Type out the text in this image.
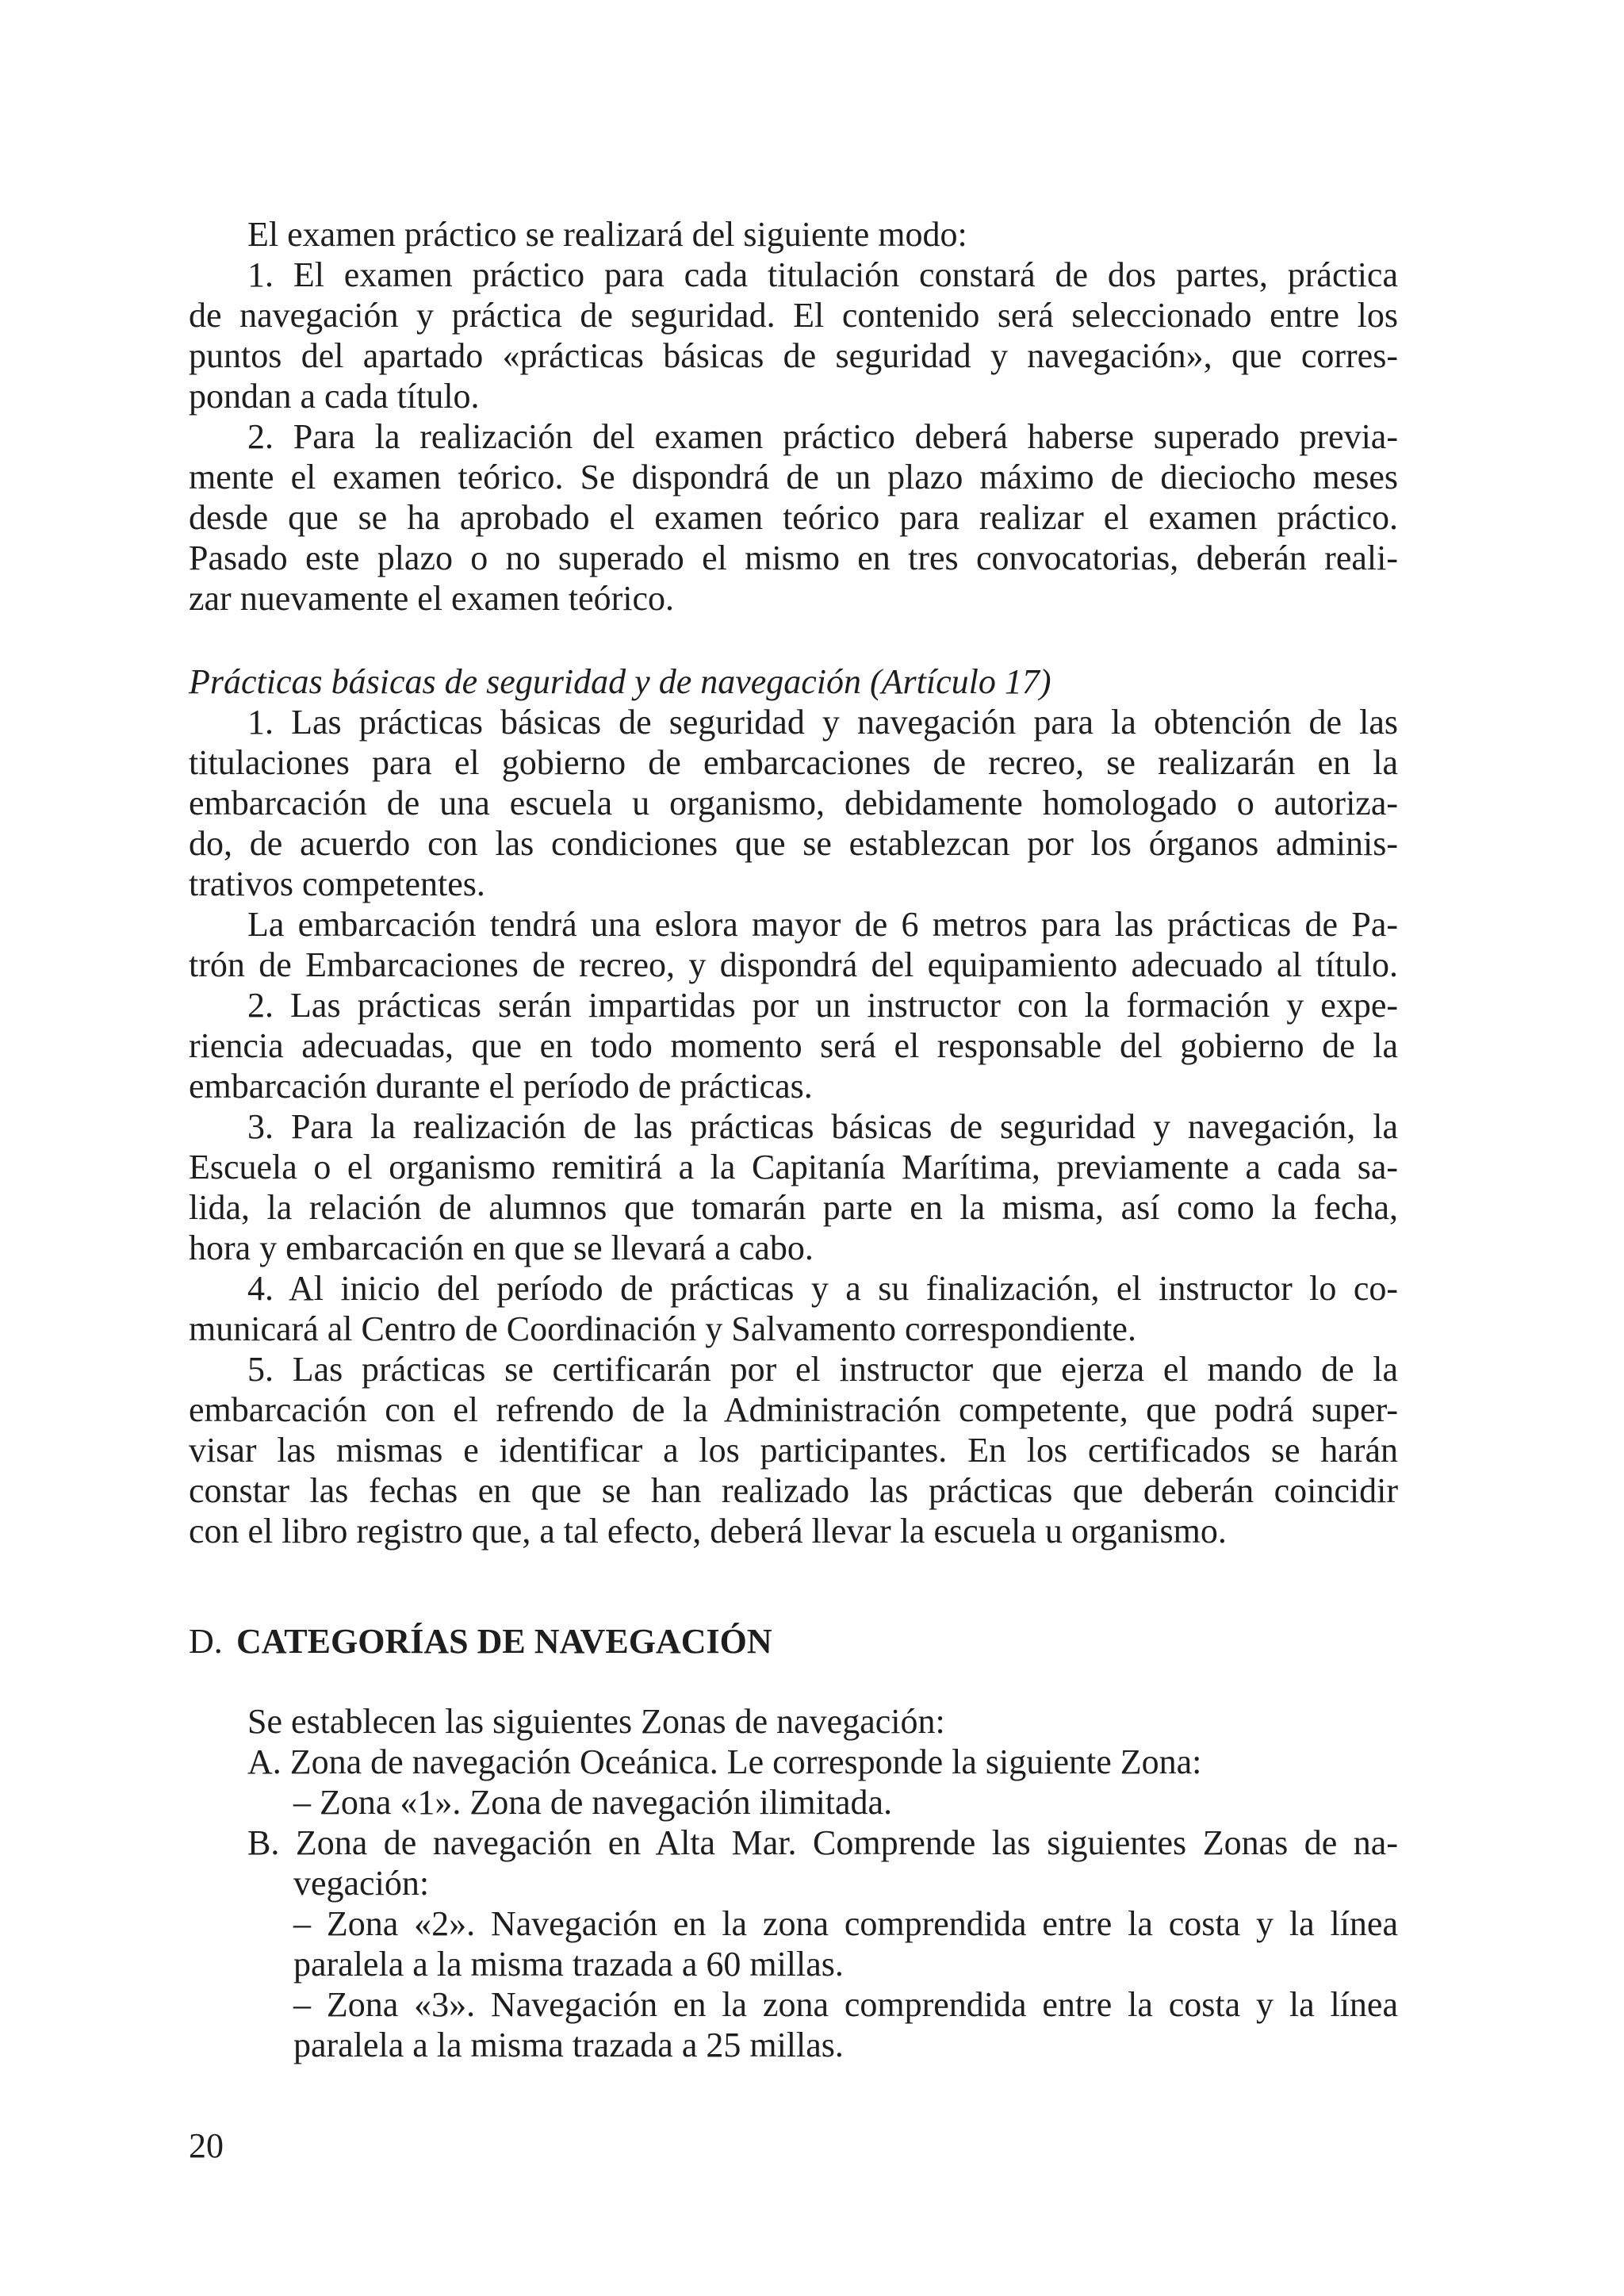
El examen práctico se realizará del siguiente modo:
1. El examen práctico para cada titulación constará de dos partes, práctica
de navegación y práctica de seguridad. El contenido será seleccionado entre los
puntos del apartado «prácticas básicas de seguridad y navegación», que corres-
pondan a cada título.
2. Para la realización del examen práctico deberá haberse superado previa-
mente el examen teórico. Se dispondrá de un plazo máximo de dieciocho meses
desde que se ha aprobado el examen teórico para realizar el examen práctico.
Pasado este plazo o no superado el mismo en tres convocatorias, deberán reali-
zar nuevamente el examen teórico.
Prácticas básicas de seguridad y de navegación (Artículo 17)
1. Las prácticas básicas de seguridad y navegación para la obtención de las
titulaciones para el gobierno de embarcaciones de recreo, se realizarán en la
embarcación de una escuela u organismo, debidamente homologado o autoriza-
do, de acuerdo con las condiciones que se establezcan por los órganos adminis-
trativos competentes.
La embarcación tendrá una eslora mayor de 6 metros para las prácticas de Pa-
trón de Embarcaciones de recreo, y dispondrá del equipamiento adecuado al título.
2. Las prácticas serán impartidas por un instructor con la formación y expe-
riencia adecuadas, que en todo momento será el responsable del gobierno de la
embarcación durante el período de prácticas.
3. Para la realización de las prácticas básicas de seguridad y navegación, la
Escuela o el organismo remitirá a la Capitanía Marítima, previamente a cada sa-
lida, la relación de alumnos que tomarán parte en la misma, así como la fecha,
hora y embarcación en que se llevará a cabo.
4. Al inicio del período de prácticas y a su finalización, el instructor lo co-
municará al Centro de Coordinación y Salvamento correspondiente.
5. Las prácticas se certificarán por el instructor que ejerza el mando de la
embarcación con el refrendo de la Administración competente, que podrá super-
visar las mismas e identificar a los participantes. En los certificados se harán
constar las fechas en que se han realizado las prácticas que deberán coincidir
con el libro registro que, a tal efecto, deberá llevar la escuela u organismo.
D. CATEGORÍAS DE NAVEGACIÓN
Se establecen las siguientes Zonas de navegación:
A. Zona de navegación Oceánica. Le corresponde la siguiente Zona:
– Zona «1». Zona de navegación ilimitada.
B. Zona de navegación en Alta Mar. Comprende las siguientes Zonas de na-
vegación:
– Zona «2». Navegación en la zona comprendida entre la costa y la línea
paralela a la misma trazada a 60 millas.
– Zona «3». Navegación en la zona comprendida entre la costa y la línea
paralela a la misma trazada a 25 millas.
20
